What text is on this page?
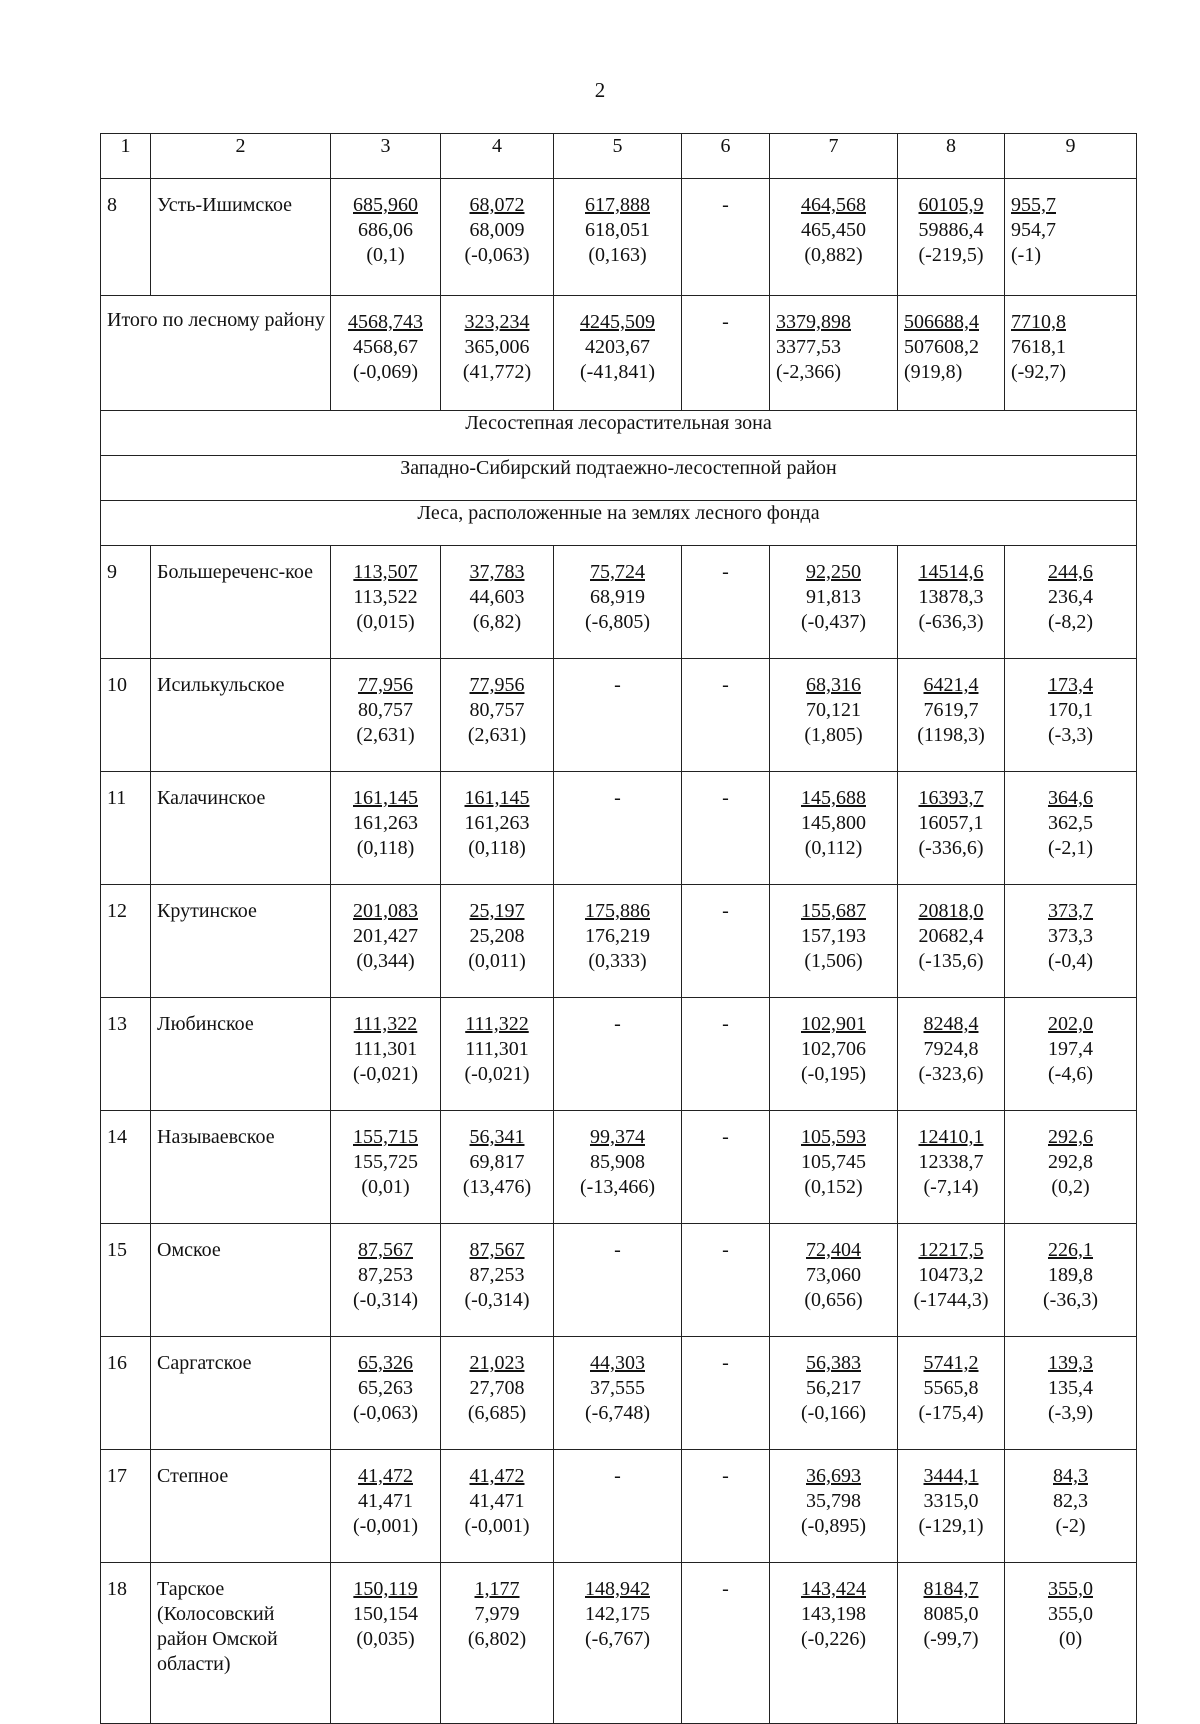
2
1	2	3	4	5	6	7	8	9
8	Усть-Ишимское	685,960
686,06
(0,1)	68,072
68,009
(-0,063)	617,888
618,051
(0,163)	-	464,568
465,450
(0,882)	60105,9
59886,4
(-219,5)	955,7
954,7
(-1)

Итого по лесному району		4568,743
4568,67
(-0,069)	323,234
365,006
(41,772)	4245,509
4203,67
(-41,841)	-	3379,898
3377,53
(-2,366)	506688,4
507608,2
(919,8)	7710,8
7618,1
(-92,7)

Лесостепная лесорастительная зона								
Западно-Сибирский подтаежно-лесостепной район								
Леса, расположенные на землях лесного фонда								
9	Большереченс-кое	113,507
113,522
(0,015)	37,783
44,603
(6,82)	75,724
68,919
(-6,805)	-	92,250
91,813
(-0,437)	14514,6
13878,3
(-636,3)	244,6
236,4
(-8,2)

10	Исилькульское	77,956
80,757
(2,631)	77,956
80,757
(2,631)	-	-	68,316
70,121
(1,805)	6421,4
7619,7
(1198,3)	173,4
170,1
(-3,3)

11	Калачинское	161,145
161,263
(0,118)	161,145
161,263
(0,118)	-	-	145,688
145,800
(0,112)	16393,7
16057,1
(-336,6)	364,6
362,5
(-2,1)

12	Крутинское	201,083
201,427
(0,344)	25,197
25,208
(0,011)	175,886
176,219
(0,333)	-	155,687
157,193
(1,506)	20818,0
20682,4
(-135,6)	373,7
373,3
(-0,4)

13	Любинское	111,322
111,301
(-0,021)	111,322
111,301
(-0,021)	-	-	102,901
102,706
(-0,195)	8248,4
7924,8
(-323,6)	202,0
197,4
(-4,6)

14	Называевское	155,715
155,725
(0,01)	56,341
69,817
(13,476)	99,374
85,908
(-13,466)	-	105,593
105,745
(0,152)	12410,1
12338,7
(-7,14)	292,6
292,8
(0,2)

15	Омское	87,567
87,253
(-0,314)	87,567
87,253
(-0,314)	-	-	72,404
73,060
(0,656)	12217,5
10473,2
(-1744,3)	226,1
189,8
(-36,3)

16	Саргатское	65,326
65,263
(-0,063)	21,023
27,708
(6,685)	44,303
37,555
(-6,748)	-	56,383
56,217
(-0,166)	5741,2
5565,8
(-175,4)	139,3
135,4
(-3,9)

17	Степное	41,472
41,471
(-0,001)	41,472
41,471
(-0,001)	-	-	36,693
35,798
(-0,895)	3444,1
3315,0
(-129,1)	84,3
82,3
(-2)

18	Тарское (Колосовский район Омской области)	150,119
150,154
(0,035)	1,177
7,979
(6,802)	148,942
142,175
(-6,767)	-	143,424
143,198
(-0,226)	8184,7
8085,0
(-99,7)	355,0
355,0
(0)
